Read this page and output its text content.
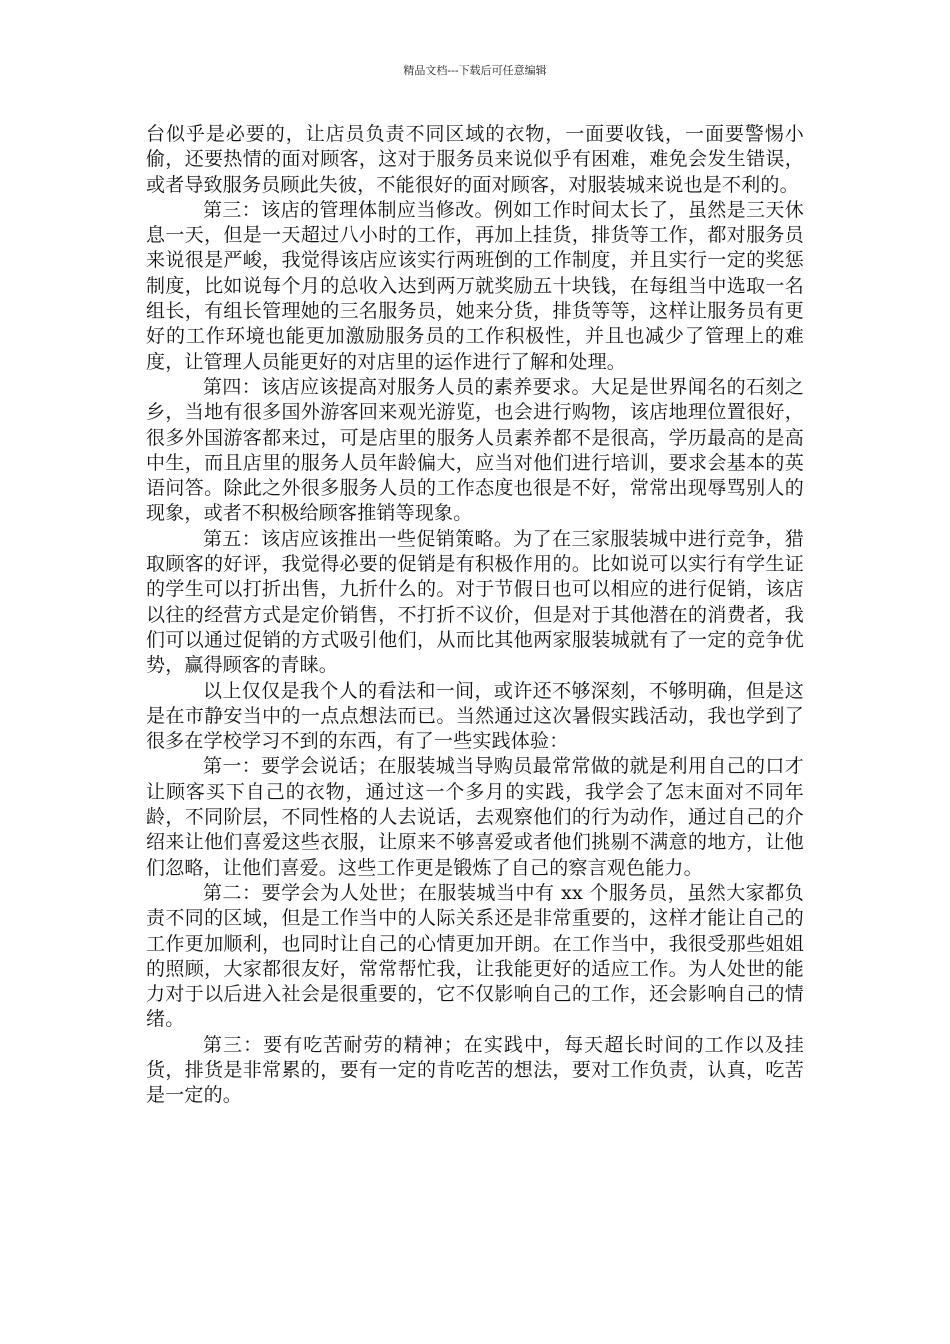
精品文档---下载后可任意编辑

台似乎是必要的，让店员负责不同区域的衣物，一面要收钱，一面要警惕小偷，还要热情的面对顾客，这对于服务员来说似乎有困难，难免会发生错误，或者导致服务员顾此失彼，不能很好的面对顾客，对服装城来说也是不利的。

第三：该店的管理体制应当修改。例如工作时间太长了，虽然是三天休息一天，但是一天超过八小时的工作，再加上挂货，排货等工作，都对服务员来说很是严峻，我觉得该店应该实行两班倒的工作制度，并且实行一定的奖惩制度，比如说每个月的总收入达到两万就奖励五十块钱，在每组当中选取一名组长，有组长管理她的三名服务员，她来分货，排货等等，这样让服务员有更好的工作环境也能更加激励服务员的工作积极性，并且也减少了管理上的难度，让管理人员能更好的对店里的运作进行了解和处理。

第四：该店应该提高对服务人员的素养要求。大足是世界闻名的石刻之乡，当地有很多国外游客回来观光游览，也会进行购物，该店地理位置很好，很多外国游客都来过，可是店里的服务人员素养都不是很高，学历最高的是高中生，而且店里的服务人员年龄偏大，应当对他们进行培训，要求会基本的英语问答。除此之外很多服务人员的工作态度也很是不好，常常出现辱骂别人的现象，或者不积极给顾客推销等现象。

第五：该店应该推出一些促销策略。为了在三家服装城中进行竞争，猎取顾客的好评，我觉得必要的促销是有积极作用的。比如说可以实行有学生证的学生可以打折出售，九折什么的。对于节假日也可以相应的进行促销，该店以往的经营方式是定价销售，不打折不议价，但是对于其他潜在的消费者，我们可以通过促销的方式吸引他们，从而比其他两家服装城就有了一定的竞争优势，赢得顾客的青睐。

以上仅仅是我个人的看法和一间，或许还不够深刻，不够明确，但是这是在市静安当中的一点点想法而已。当然通过这次暑假实践活动，我也学到了很多在学校学习不到的东西，有了一些实践体验：

第一：要学会说话；在服装城当导购员最常常做的就是利用自己的口才让顾客买下自己的衣物，通过这一个多月的实践，我学会了怎末面对不同年龄，不同阶层，不同性格的人去说话，去观察他们的行为动作，通过自己的介绍来让他们喜爱这些衣服，让原来不够喜爱或者他们挑剔不满意的地方，让他们忽略，让他们喜爱。这些工作更是锻炼了自己的察言观色能力。

第二：要学会为人处世；在服装城当中有 xx 个服务员，虽然大家都负责不同的区域，但是工作当中的人际关系还是非常重要的，这样才能让自己的工作更加顺利，也同时让自己的心情更加开朗。在工作当中，我很受那些姐姐的照顾，大家都很友好，常常帮忙我，让我能更好的适应工作。为人处世的能力对于以后进入社会是很重要的，它不仅影响自己的工作，还会影响自己的情绪。

第三：要有吃苦耐劳的精神；在实践中，每天超长时间的工作以及挂货，排货是非常累的，要有一定的肯吃苦的想法，要对工作负责，认真，吃苦是一定的。
